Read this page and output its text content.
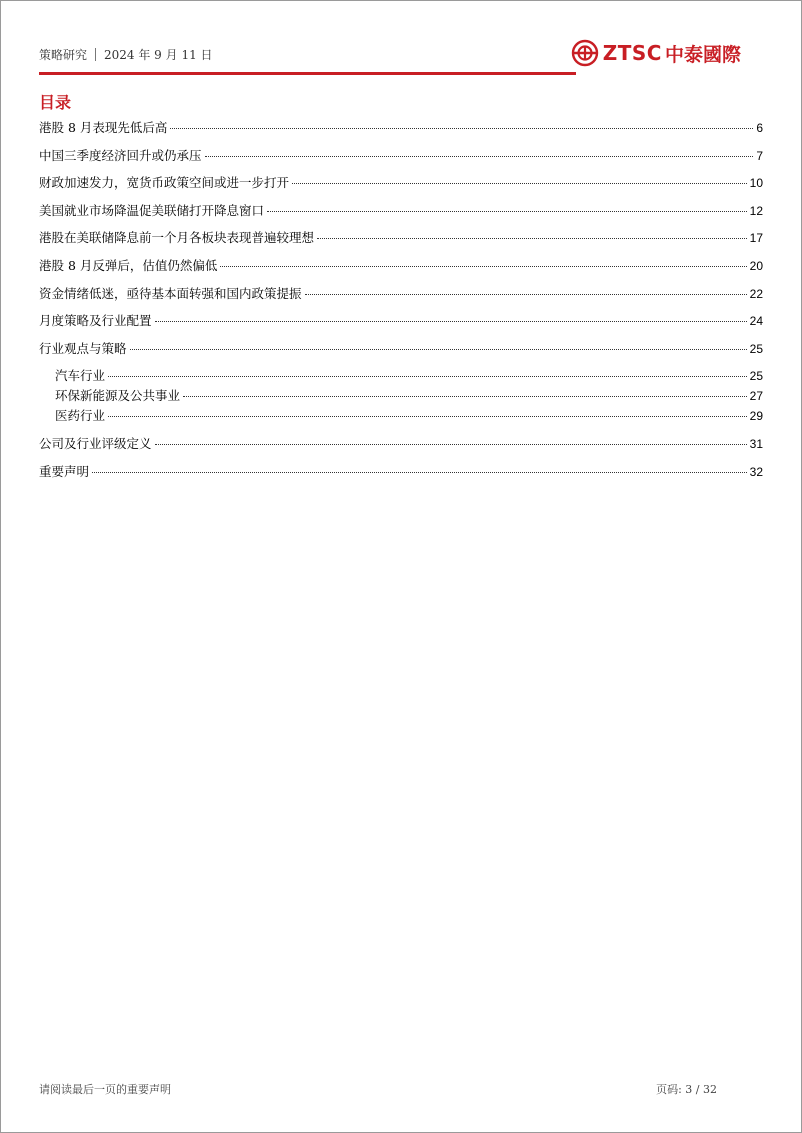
策略研究 2024 年 9 月 11 日	ZTSC 中泰國際
目录
港股 8 月表现先低后高	6
中国三季度经济回升或仍承压	7
财政加速发力，宽货币政策空间或进一步打开	10
美国就业市场降温促美联储打开降息窗口	12
港股在美联储降息前一个月各板块表现普遍较理想	17
港股 8 月反弹后，估值仍然偏低	20
资金情绪低迷，亟待基本面转强和国内政策提振	22
月度策略及行业配置	24
行业观点与策略	25
汽车行业	25
环保新能源及公共事业	27
医药行业	29
公司及行业评级定义	31
重要声明	32
请阅读最后一页的重要声明	页码: 3 / 32
